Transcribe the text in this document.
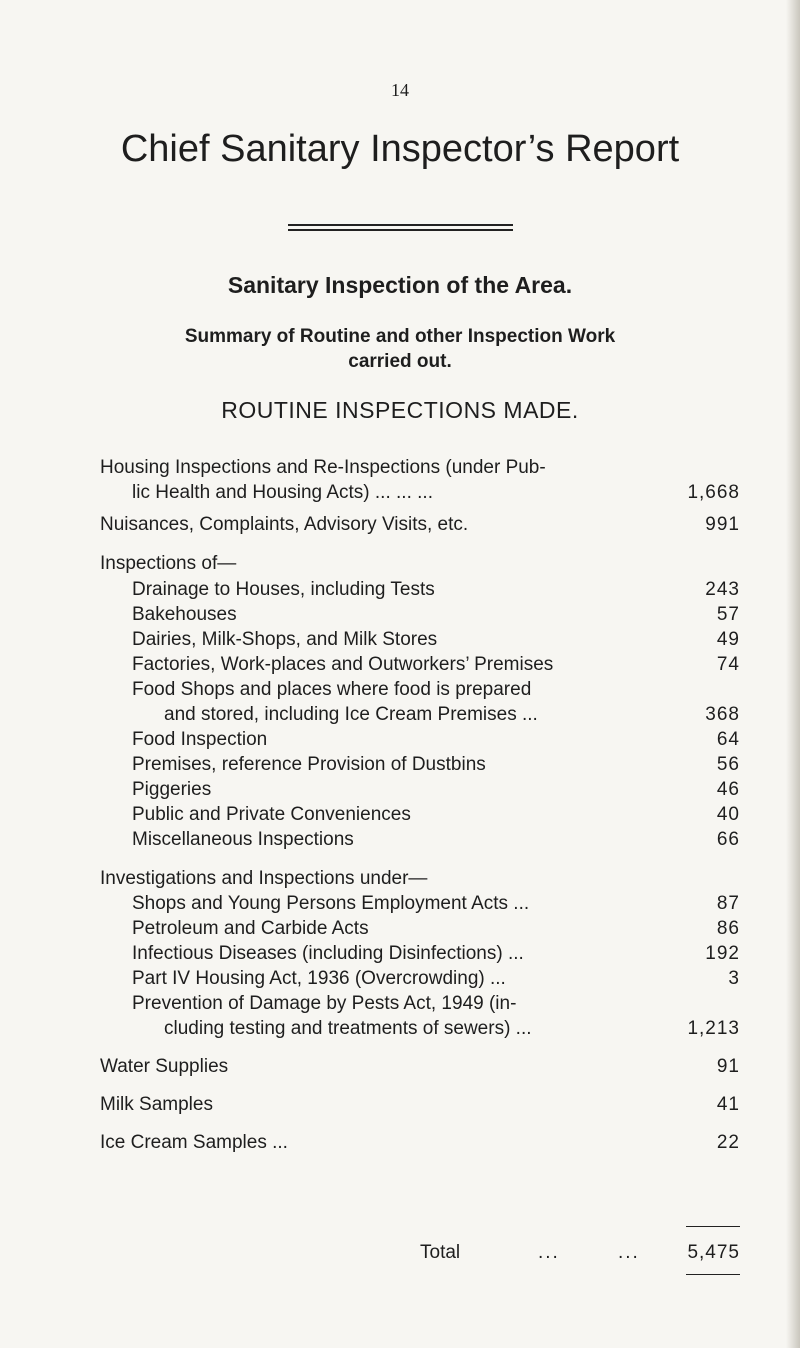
14
Chief Sanitary Inspector’s Report
Sanitary Inspection of the Area.
Summary of Routine and other Inspection Work
carried out.
ROUTINE INSPECTIONS MADE.
Housing Inspections and Re-Inspections (under Pub-
lic Health and Housing Acts) ... ... ...	1,668
Nuisances, Complaints, Advisory Visits, etc.	991
Inspections of—
Drainage to Houses, including Tests	243
Bakehouses	57
Dairies, Milk-Shops, and Milk Stores	49
Factories, Work-places and Outworkers’ Premises	74
Food Shops and places where food is prepared
and stored, including Ice Cream Premises ...	368
Food Inspection	64
Premises, reference Provision of Dustbins	56
Piggeries	46
Public and Private Conveniences	40
Miscellaneous Inspections	66
Investigations and Inspections under—
Shops and Young Persons Employment Acts ...	87
Petroleum and Carbide Acts	86
Infectious Diseases (including Disinfections) ...	192
Part IV Housing Act, 1936 (Overcrowding) ...	3
Prevention of Damage by Pests Act, 1949 (in-
cluding testing and treatments of sewers) ...	1,213
Water Supplies	91
Milk Samples	41
Ice Cream Samples ...	22
Total	...	...	5,475
